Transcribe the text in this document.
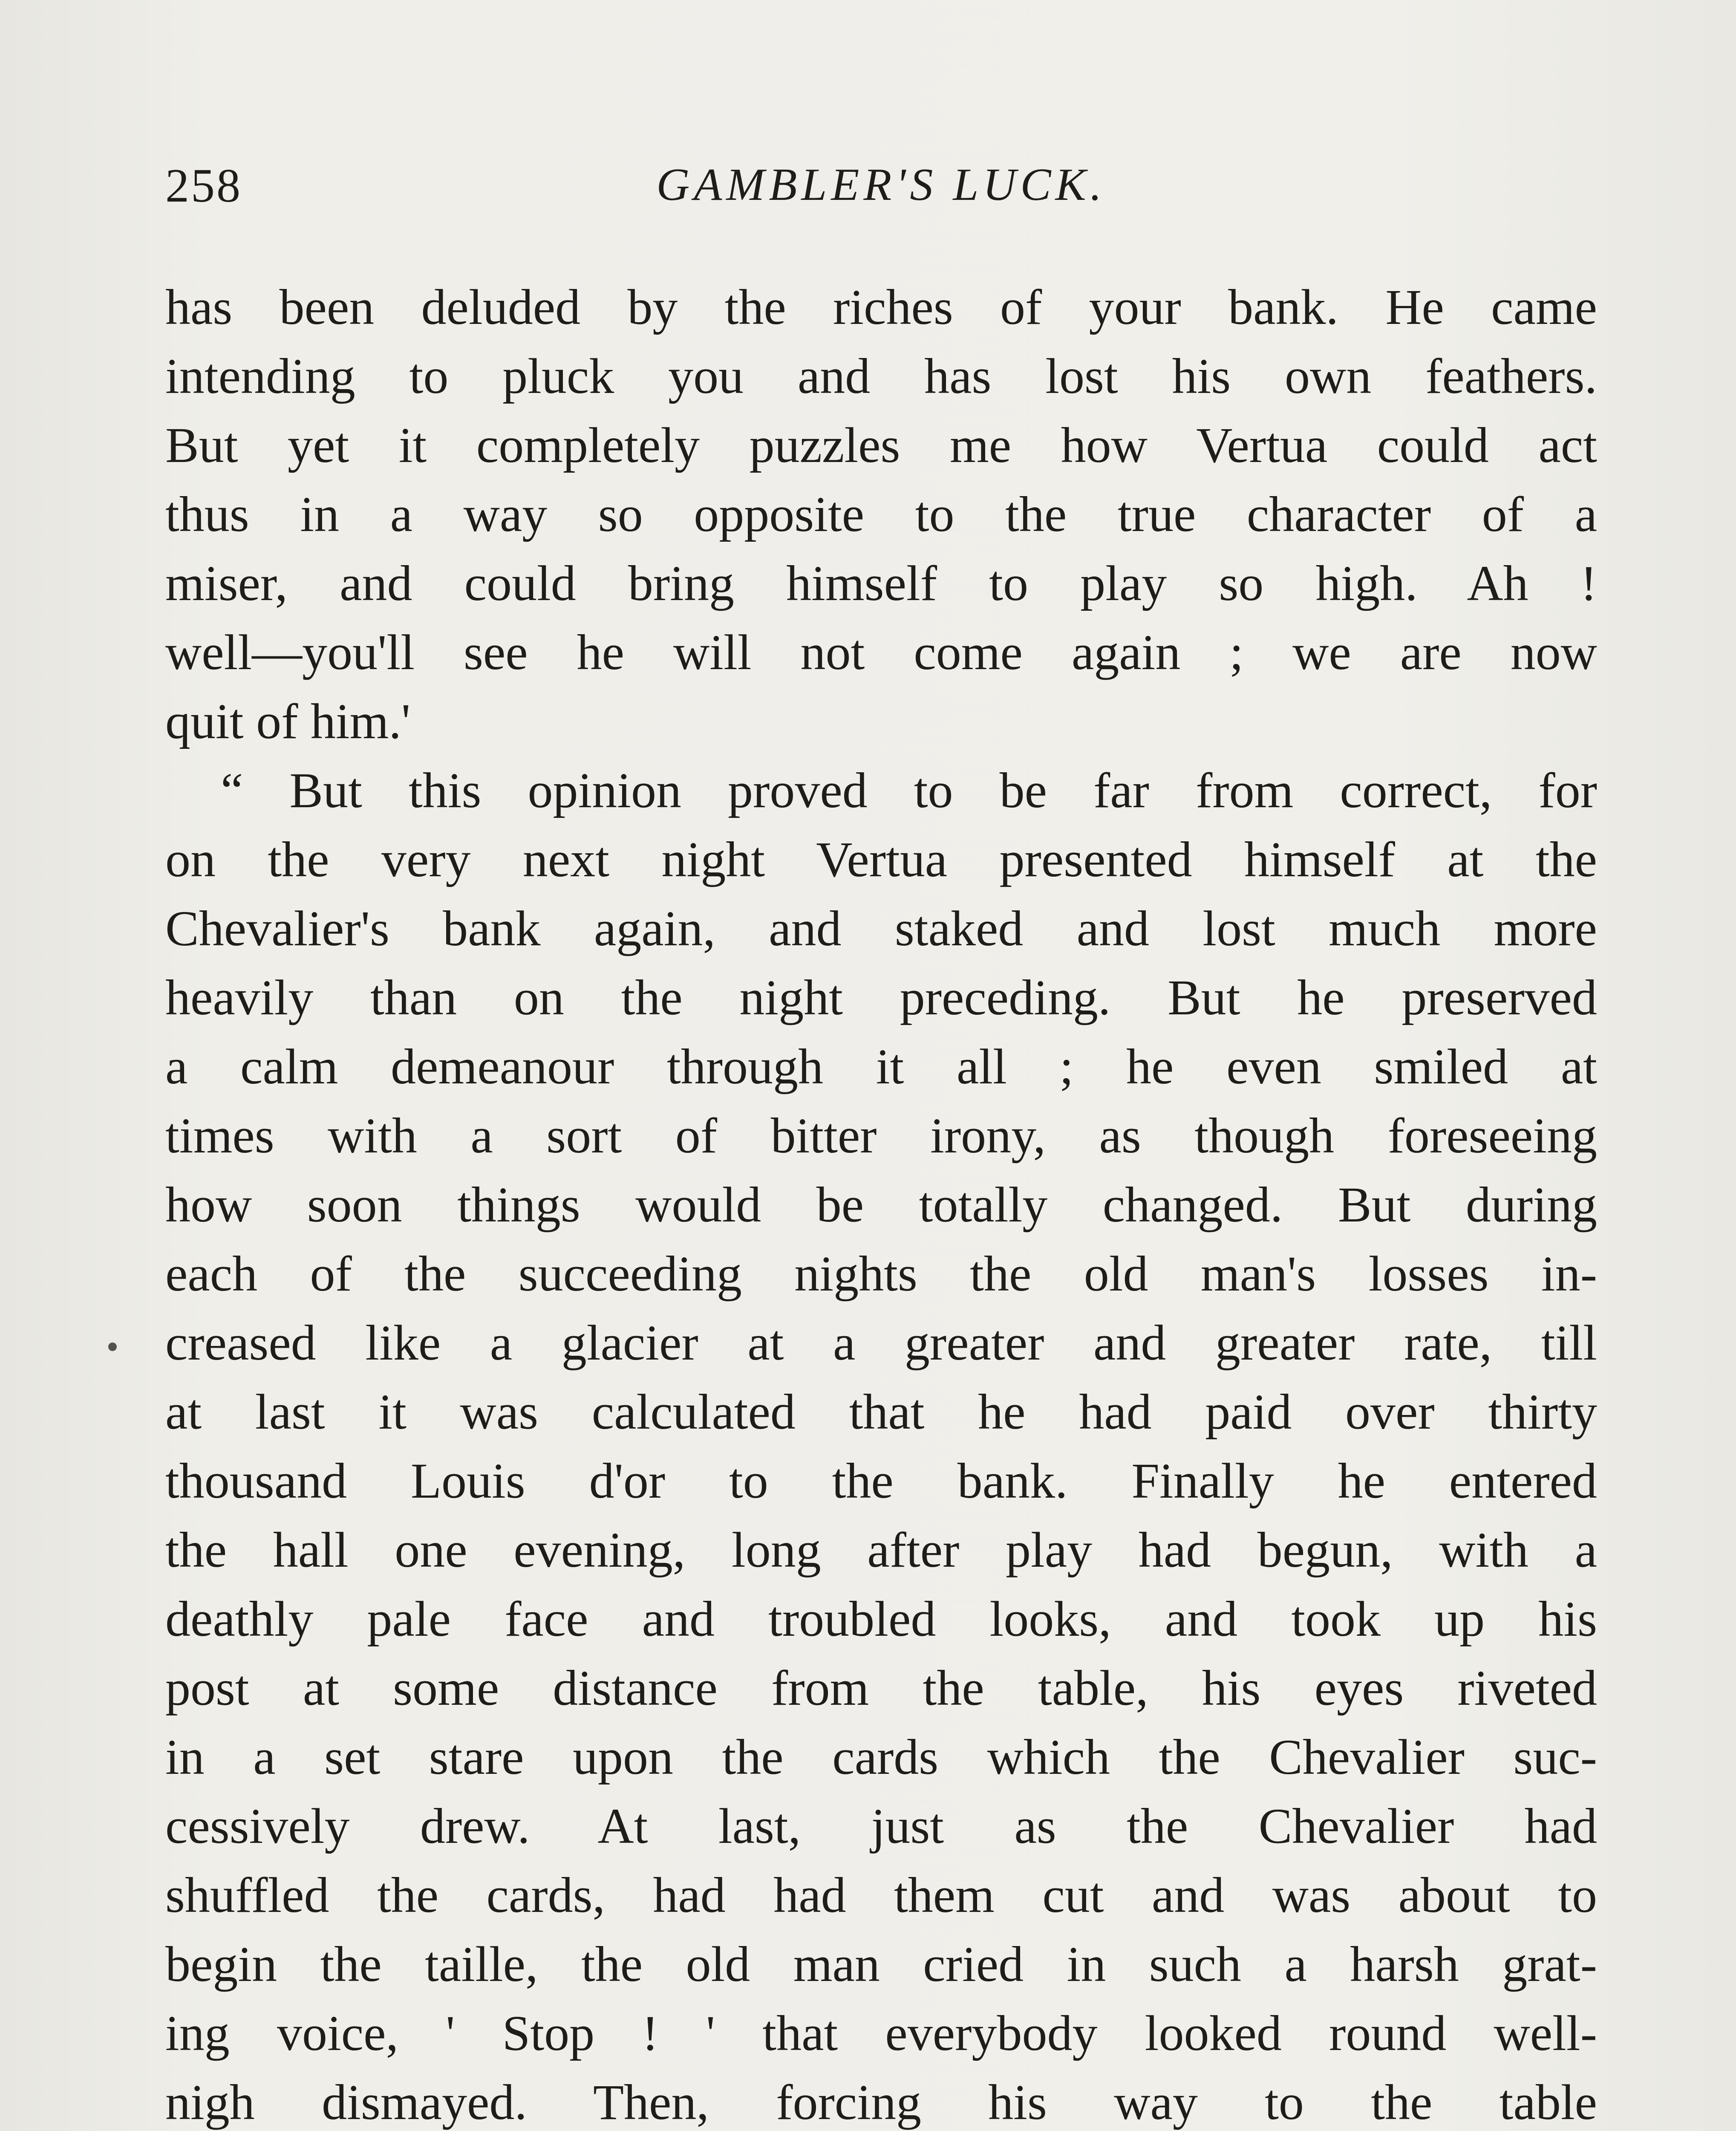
258	GAMBLER'S LUCK.
has been deluded by the riches of your bank. He came
intending to pluck you and has lost his own feathers.
But yet it completely puzzles me how Vertua could act
thus in a way so opposite to the true character of a
miser, and could bring himself to play so high. Ah !
well—you'll see he will not come again ; we are now
quit of him.'
“ But this opinion proved to be far from correct, for
on the very next night Vertua presented himself at the
Chevalier's bank again, and staked and lost much more
heavily than on the night preceding. But he preserved
a calm demeanour through it all ; he even smiled at
times with a sort of bitter irony, as though foreseeing
how soon things would be totally changed. But during
each of the succeeding nights the old man's losses in-
creased like a glacier at a greater and greater rate, till
at last it was calculated that he had paid over thirty
thousand Louis d'or to the bank. Finally he entered
the hall one evening, long after play had begun, with a
deathly pale face and troubled looks, and took up his
post at some distance from the table, his eyes riveted
in a set stare upon the cards which the Chevalier suc-
cessively drew. At last, just as the Chevalier had
shuffled the cards, had had them cut and was about to
begin the taille, the old man cried in such a harsh grat-
ing voice, ' Stop ! ' that everybody looked round well-
nigh dismayed. Then, forcing his way to the table
